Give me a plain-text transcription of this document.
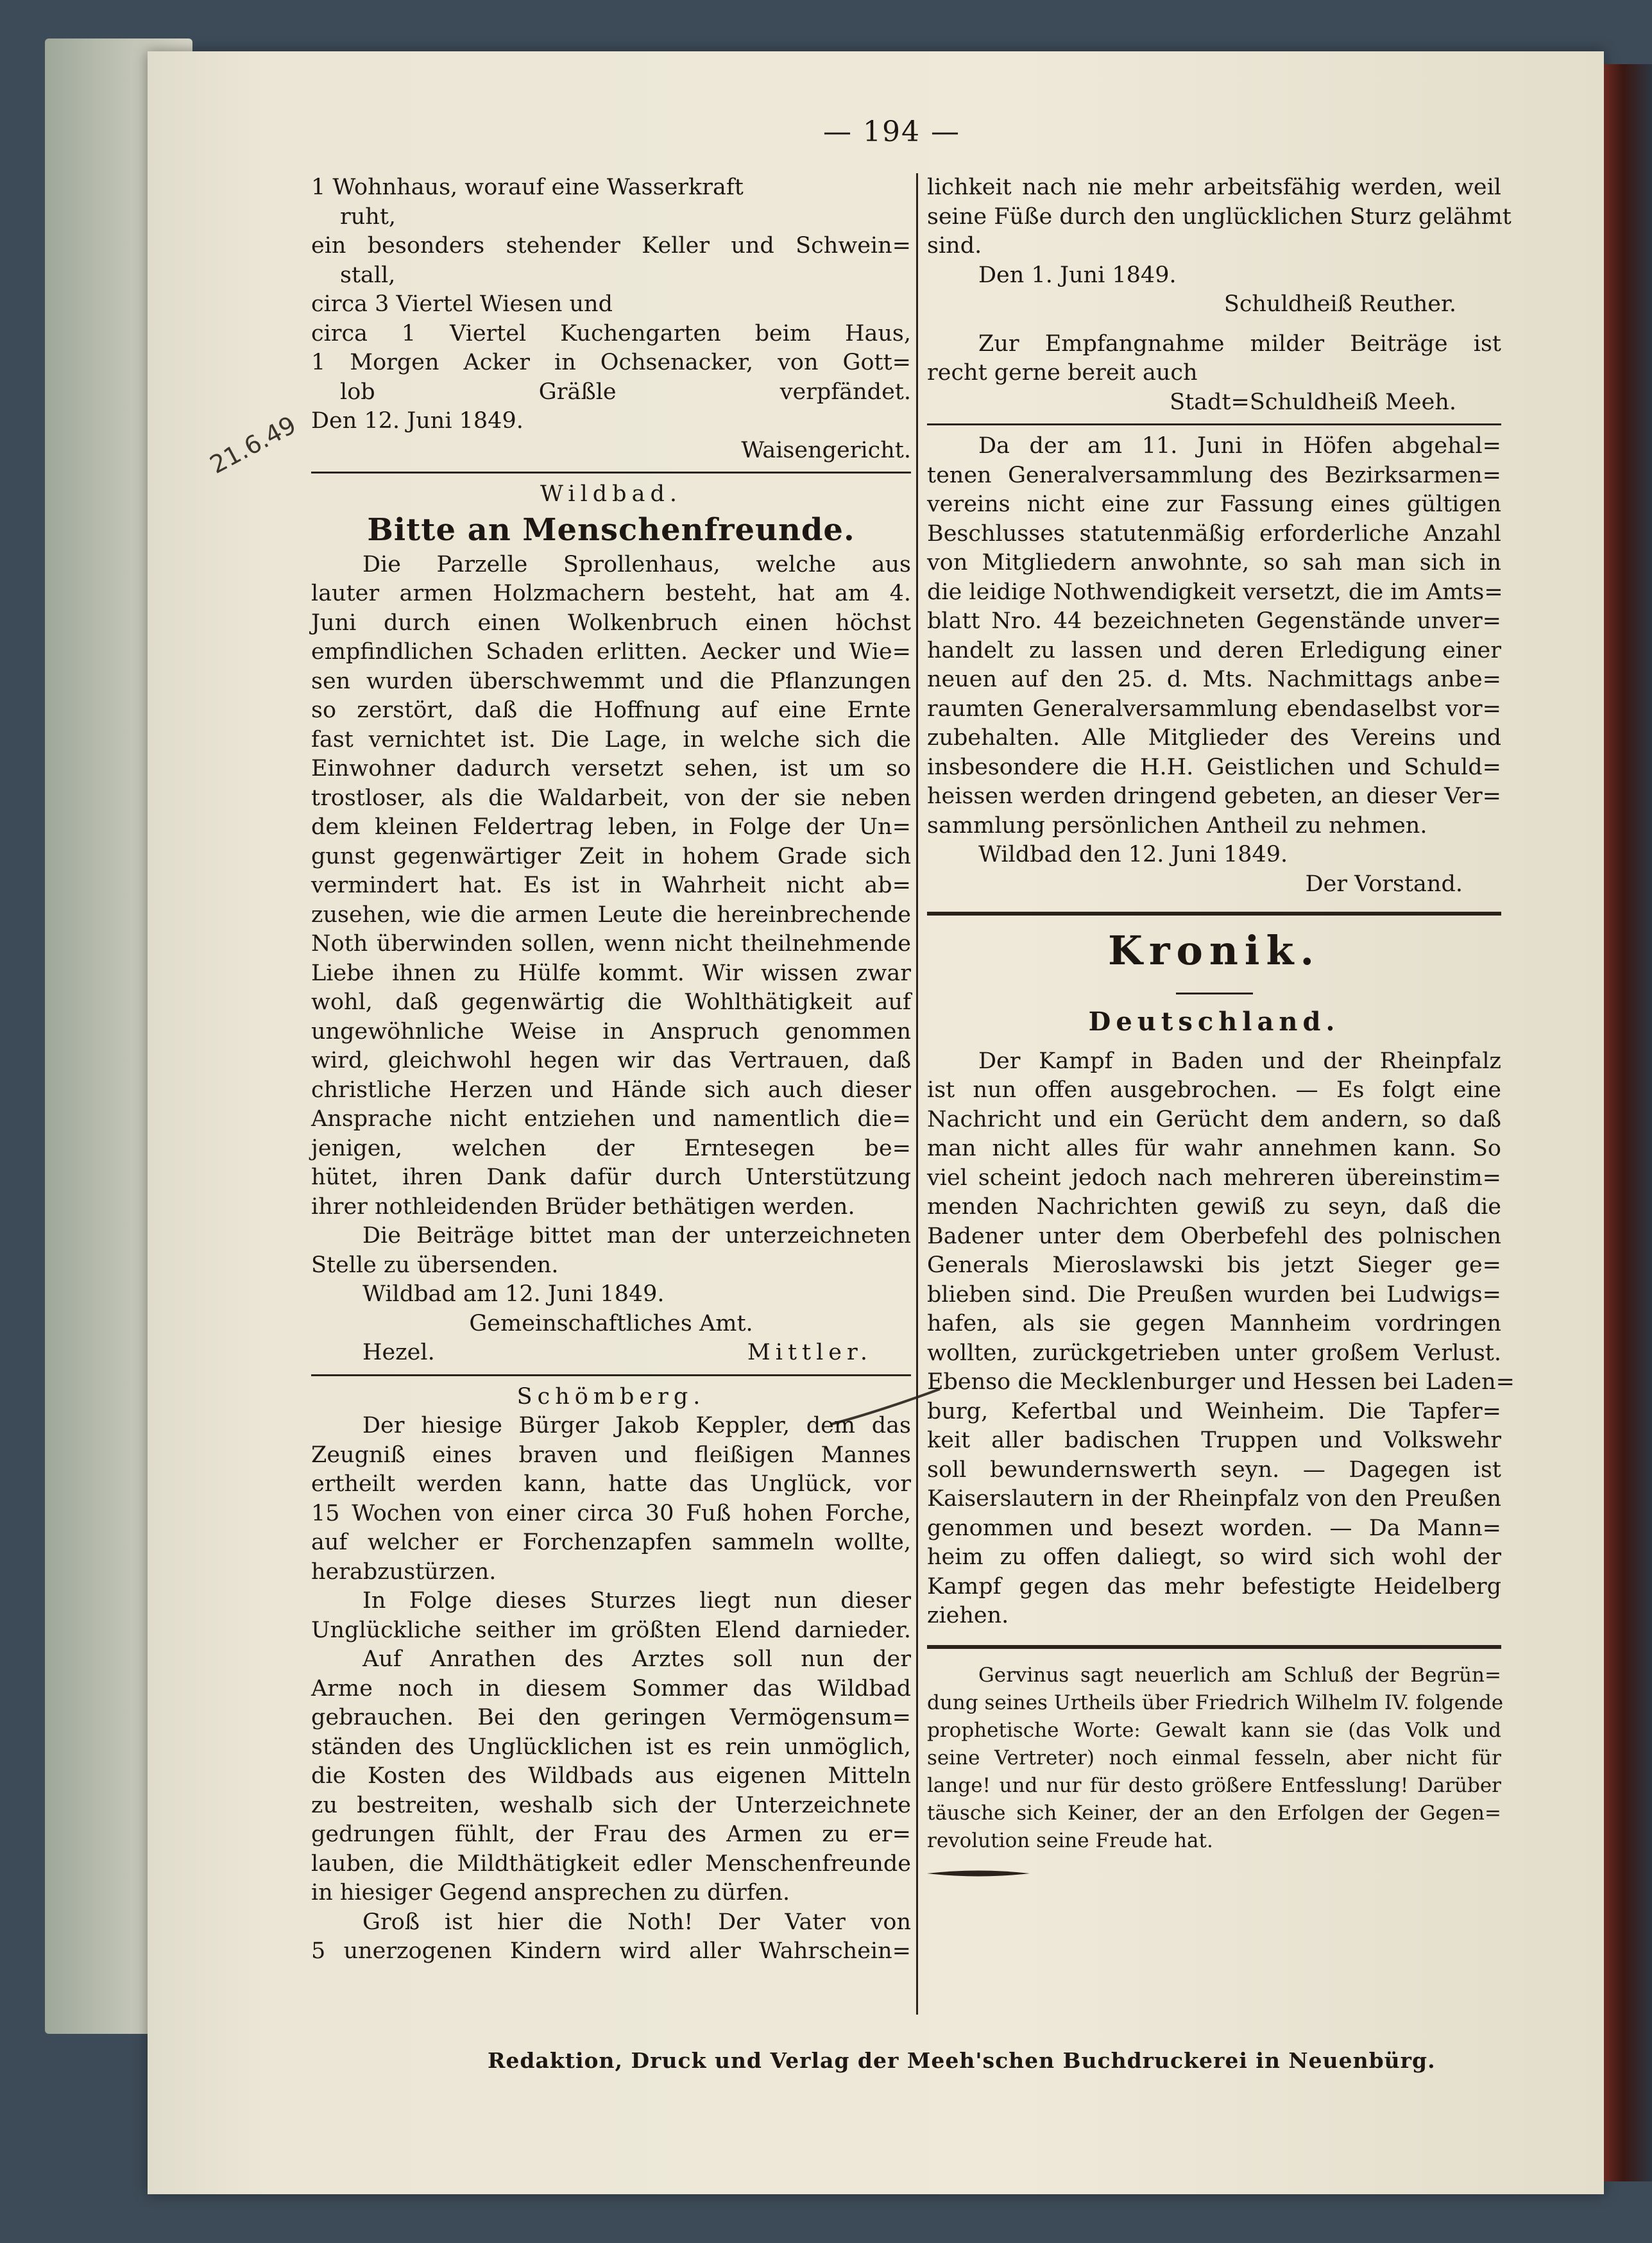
— 194 —
21.6.49
1 Wohnhaus, worauf eine Wasserkraft
ruht,
ein besonders stehender Keller und Schwein=
stall,
circa 3 Viertel Wiesen und
circa 1 Viertel Kuchengarten beim Haus,
1 Morgen Acker in Ochsenacker, von Gott=
lob Gräßle verpfändet.
Den 12. Juni 1849.
Waisengericht.
Wildbad.
Bitte an Menschenfreunde.
Die Parzelle Sprollenhaus, welche aus
lauter armen Holzmachern besteht, hat am 4.
Juni durch einen Wolkenbruch einen höchst
empfindlichen Schaden erlitten. Aecker und Wie=
sen wurden überschwemmt und die Pflanzungen
so zerstört, daß die Hoffnung auf eine Ernte
fast vernichtet ist. Die Lage, in welche sich die
Einwohner dadurch versetzt sehen, ist um so
trostloser, als die Waldarbeit, von der sie neben
dem kleinen Feldertrag leben, in Folge der Un=
gunst gegenwärtiger Zeit in hohem Grade sich
vermindert hat. Es ist in Wahrheit nicht ab=
zusehen, wie die armen Leute die hereinbrechende
Noth überwinden sollen, wenn nicht theilnehmende
Liebe ihnen zu Hülfe kommt. Wir wissen zwar
wohl, daß gegenwärtig die Wohlthätigkeit auf
ungewöhnliche Weise in Anspruch genommen
wird, gleichwohl hegen wir das Vertrauen, daß
christliche Herzen und Hände sich auch dieser
Ansprache nicht entziehen und namentlich die=
jenigen, welchen der Erntesegen be=
hütet, ihren Dank dafür durch Unterstützung
ihrer nothleidenden Brüder bethätigen werden.
Die Beiträge bittet man der unterzeichneten
Stelle zu übersenden.
Wildbad am 12. Juni 1849.
Gemeinschaftliches Amt.
Hezel.	Mittler.
Schömberg.
Der hiesige Bürger Jakob Keppler, dem das
Zeugniß eines braven und fleißigen Mannes
ertheilt werden kann, hatte das Unglück, vor
15 Wochen von einer circa 30 Fuß hohen Forche,
auf welcher er Forchenzapfen sammeln wollte,
herabzustürzen.
In Folge dieses Sturzes liegt nun dieser
Unglückliche seither im größten Elend darnieder.
Auf Anrathen des Arztes soll nun der
Arme noch in diesem Sommer das Wildbad
gebrauchen. Bei den geringen Vermögensum=
ständen des Unglücklichen ist es rein unmöglich,
die Kosten des Wildbads aus eigenen Mitteln
zu bestreiten, weshalb sich der Unterzeichnete
gedrungen fühlt, der Frau des Armen zu er=
lauben, die Mildthätigkeit edler Menschenfreunde
in hiesiger Gegend ansprechen zu dürfen.
Groß ist hier die Noth! Der Vater von
5 unerzogenen Kindern wird aller Wahrschein=
lichkeit nach nie mehr arbeitsfähig werden, weil
seine Füße durch den unglücklichen Sturz gelähmt
sind.
Den 1. Juni 1849.
Schuldheiß Reuther.
Zur Empfangnahme milder Beiträge ist
recht gerne bereit auch
Stadt=Schuldheiß Meeh.
Da der am 11. Juni in Höfen abgehal=
tenen Generalversammlung des Bezirksarmen=
vereins nicht eine zur Fassung eines gültigen
Beschlusses statutenmäßig erforderliche Anzahl
von Mitgliedern anwohnte, so sah man sich in
die leidige Nothwendigkeit versetzt, die im Amts=
blatt Nro. 44 bezeichneten Gegenstände unver=
handelt zu lassen und deren Erledigung einer
neuen auf den 25. d. Mts. Nachmittags anbe=
raumten Generalversammlung ebendaselbst vor=
zubehalten. Alle Mitglieder des Vereins und
insbesondere die H.H. Geistlichen und Schuld=
heissen werden dringend gebeten, an dieser Ver=
sammlung persönlichen Antheil zu nehmen.
Wildbad den 12. Juni 1849.
Der Vorstand.
Kronik.
Deutschland.
Der Kampf in Baden und der Rheinpfalz
ist nun offen ausgebrochen. — Es folgt eine
Nachricht und ein Gerücht dem andern, so daß
man nicht alles für wahr annehmen kann. So
viel scheint jedoch nach mehreren übereinstim=
menden Nachrichten gewiß zu seyn, daß die
Badener unter dem Oberbefehl des polnischen
Generals Mieroslawski bis jetzt Sieger ge=
blieben sind. Die Preußen wurden bei Ludwigs=
hafen, als sie gegen Mannheim vordringen
wollten, zurückgetrieben unter großem Verlust.
Ebenso die Mecklenburger und Hessen bei Laden=
burg, Kefertbal und Weinheim. Die Tapfer=
keit aller badischen Truppen und Volkswehr
soll bewundernswerth seyn. — Dagegen ist
Kaiserslautern in der Rheinpfalz von den Preußen
genommen und besezt worden. — Da Mann=
heim zu offen daliegt, so wird sich wohl der
Kampf gegen das mehr befestigte Heidelberg
ziehen.
Gervinus sagt neuerlich am Schluß der Begrün=
dung seines Urtheils über Friedrich Wilhelm IV. folgende
prophetische Worte: Gewalt kann sie (das Volk und
seine Vertreter) noch einmal fesseln, aber nicht für
lange! und nur für desto größere Entfesslung! Darüber
täusche sich Keiner, der an den Erfolgen der Gegen=
revolution seine Freude hat.
Redaktion, Druck und Verlag der Meeh'schen Buchdruckerei in Neuenbürg.
